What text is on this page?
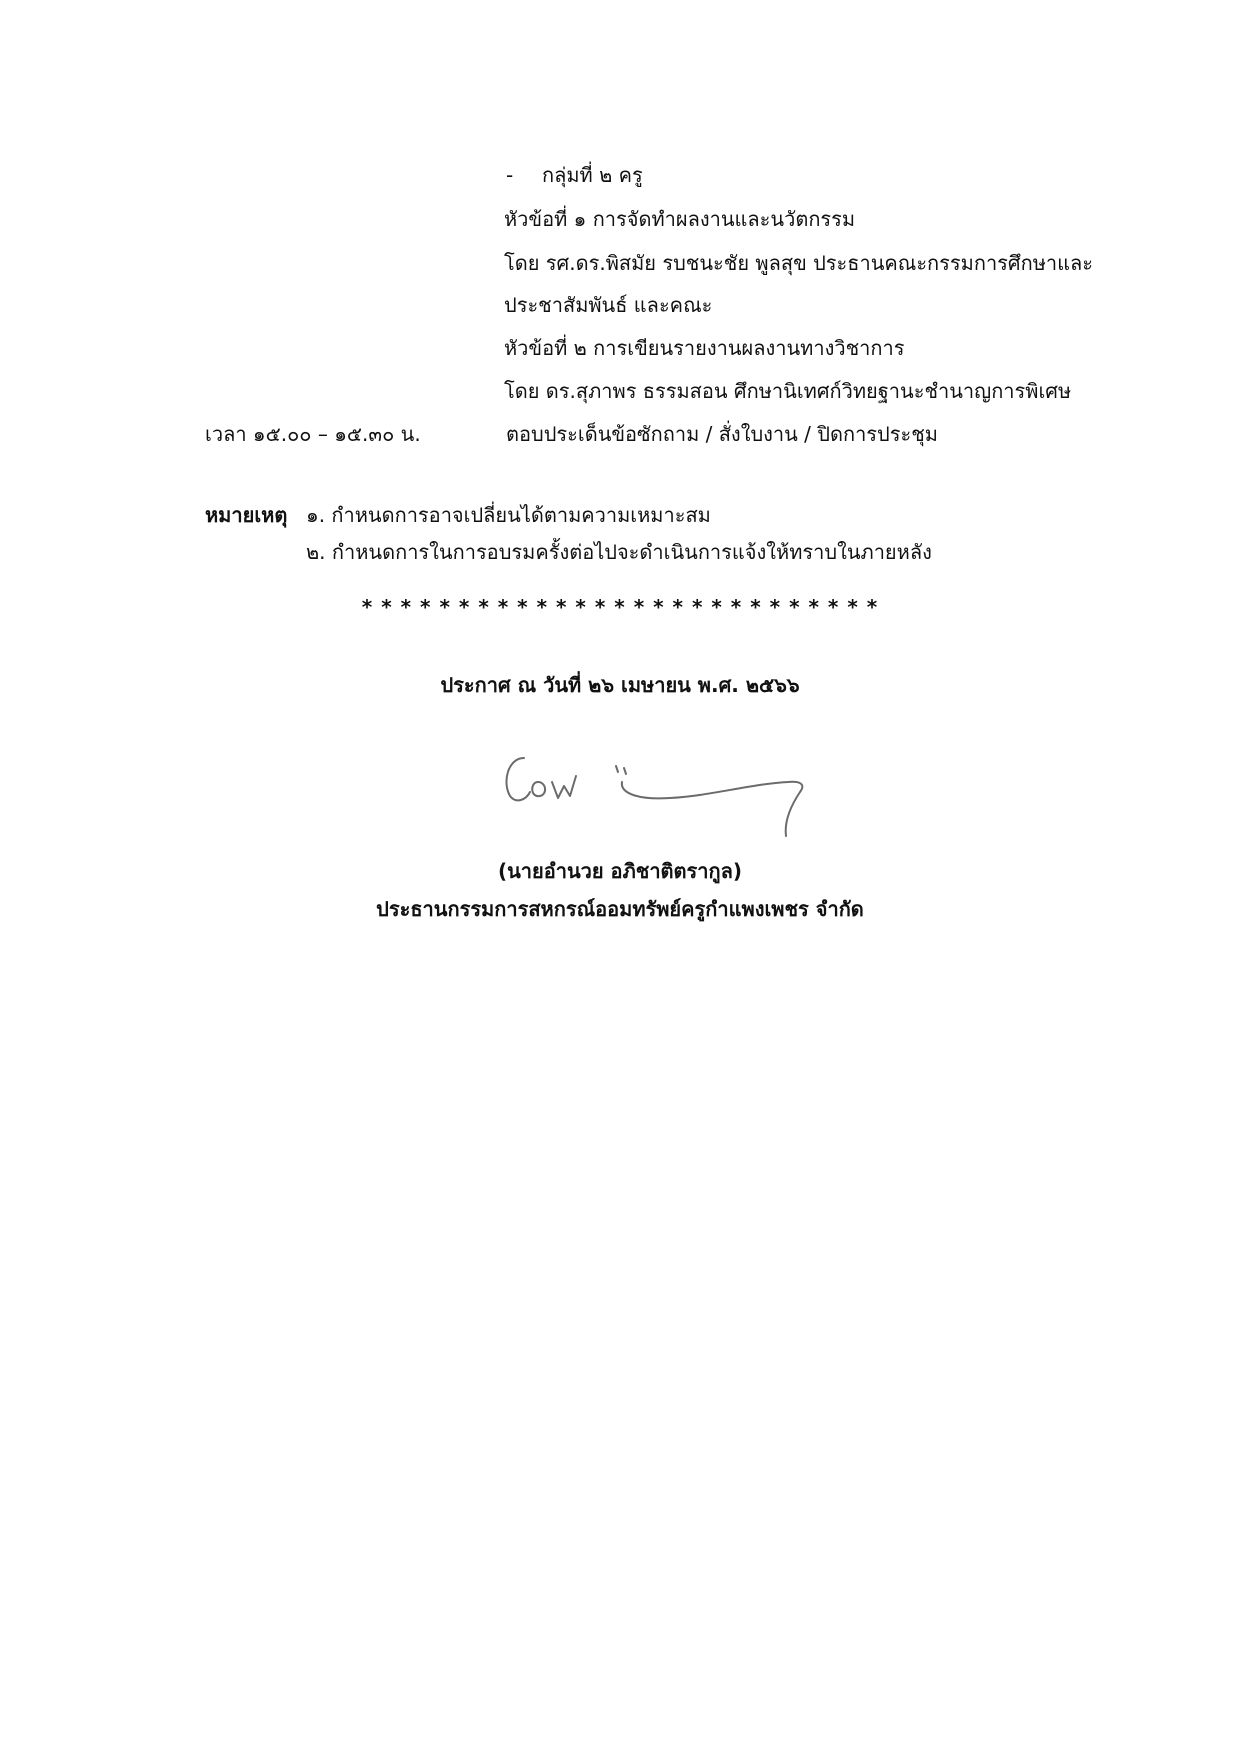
- กลุ่มที่ ๒ ครู
หัวข้อที่ ๑ การจัดทำผลงานและนวัตกรรม
โดย รศ.ดร.พิสมัย รบชนะชัย พูลสุข ประธานคณะกรรมการศึกษาและ
ประชาสัมพันธ์ และคณะ
หัวข้อที่ ๒ การเขียนรายงานผลงานทางวิชาการ
โดย ดร.สุภาพร ธรรมสอน ศึกษานิเทศก์วิทยฐานะชำนาญการพิเศษ
เวลา ๑๕.๐๐ – ๑๕.๓๐ น.	ตอบประเด็นข้อซักถาม / สั่งใบงาน / ปิดการประชุม
หมายเหตุ ๑. กำหนดการอาจเปลี่ยนได้ตามความเหมาะสม
๒. กำหนดการในการอบรมครั้งต่อไปจะดำเนินการแจ้งให้ทราบในภายหลัง
* * * * * * * * * * * * * * * * * * * * * * * * * * *
ประกาศ ณ วันที่ ๒๖ เมษายน พ.ศ. ๒๕๖๖
(นายอำนวย อภิชาติตรากูล)
ประธานกรรมการสหกรณ์ออมทรัพย์ครูกำแพงเพชร จำกัด
